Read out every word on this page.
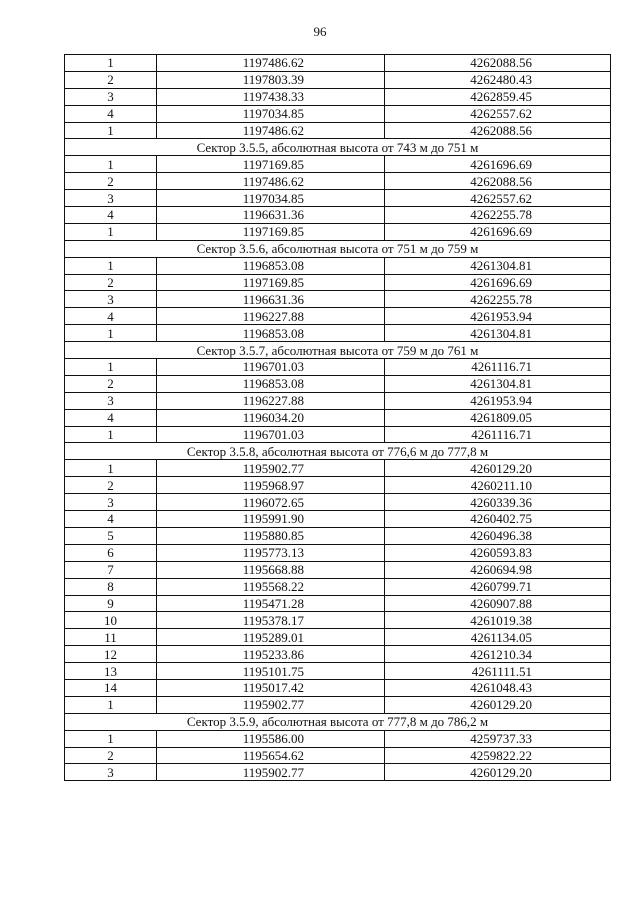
96
1	1197486.62	4262088.56
2	1197803.39	4262480.43
3	1197438.33	4262859.45
4	1197034.85	4262557.62
1	1197486.62	4262088.56
Сектор 3.5.5, абсолютная высота от 743 м до 751 м		
1	1197169.85	4261696.69
2	1197486.62	4262088.56
3	1197034.85	4262557.62
4	1196631.36	4262255.78
1	1197169.85	4261696.69
Сектор 3.5.6, абсолютная высота от 751 м до 759 м		
1	1196853.08	4261304.81
2	1197169.85	4261696.69
3	1196631.36	4262255.78
4	1196227.88	4261953.94
1	1196853.08	4261304.81
Сектор 3.5.7, абсолютная высота от 759 м до 761 м		
1	1196701.03	4261116.71
2	1196853.08	4261304.81
3	1196227.88	4261953.94
4	1196034.20	4261809.05
1	1196701.03	4261116.71
Сектор 3.5.8, абсолютная высота от 776,6 м до 777,8 м		
1	1195902.77	4260129.20
2	1195968.97	4260211.10
3	1196072.65	4260339.36
4	1195991.90	4260402.75
5	1195880.85	4260496.38
6	1195773.13	4260593.83
7	1195668.88	4260694.98
8	1195568.22	4260799.71
9	1195471.28	4260907.88
10	1195378.17	4261019.38
11	1195289.01	4261134.05
12	1195233.86	4261210.34
13	1195101.75	4261111.51
14	1195017.42	4261048.43
1	1195902.77	4260129.20
Сектор 3.5.9, абсолютная высота от 777,8 м до 786,2 м		
1	1195586.00	4259737.33
2	1195654.62	4259822.22
3	1195902.77	4260129.20
